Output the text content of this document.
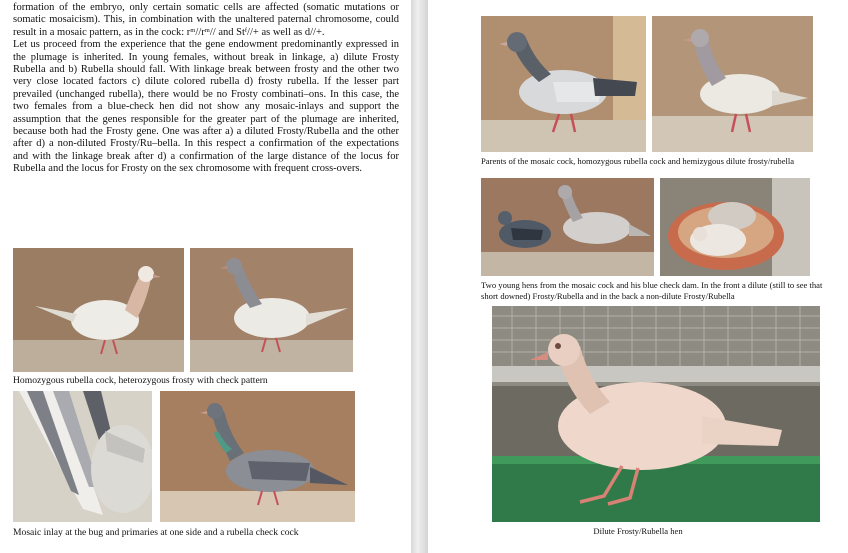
formation of the embryo, only certain somatic cells are affected (somatic mutations or somatic mosaicism). This, in combination with the unaltered paternal chromosome, could result in a mosaic pattern, as in the cock: rᵐ//rᵐ// and Stᶠ//+ as well as d//+.

Let us proceed from the experience that the gene endowment predominantly expressed in the plumage is inherited. In young females, without break in linkage, a) dilute Frosty Rubella and b) Rubella should fall. With linkage break between frosty and the other two very close located factors c) dilute colored rubella d) frosty rubella. If the lesser part prevailed (unchanged rubella), there would be no Frosty combinati–ons. In this case, the two females from a blue-check hen did not show any mosaic-inlays and support the assumption that the genes responsible for the greater part of the plumage are inherited, because both had the Frosty gene. One was after a) a diluted Frosty/Rubella and the other after d) a non-diluted Frosty/Ru–bella. In this respect a confirmation of the expectations and with the linkage break after d) a confirmation of the large distance of the locus for Rubella and the locus for Frosty on the sex chromosome with frequent cross-overs.

Homozygous rubella cock, heterozygous frosty with check pattern

Mosaic inlay at the bug and primaries at one side and a rubella check cock

Parents of the mosaic cock, homozygous rubella cock and hemizygous dilute frosty/rubella

Two young hens from the mosaic cock and his blue check dam. In the front a dilute (still to see that short downed) Frosty/Rubella and in the back a non-dilute Frosty/Rubella

Dilute Frosty/Rubella hen
